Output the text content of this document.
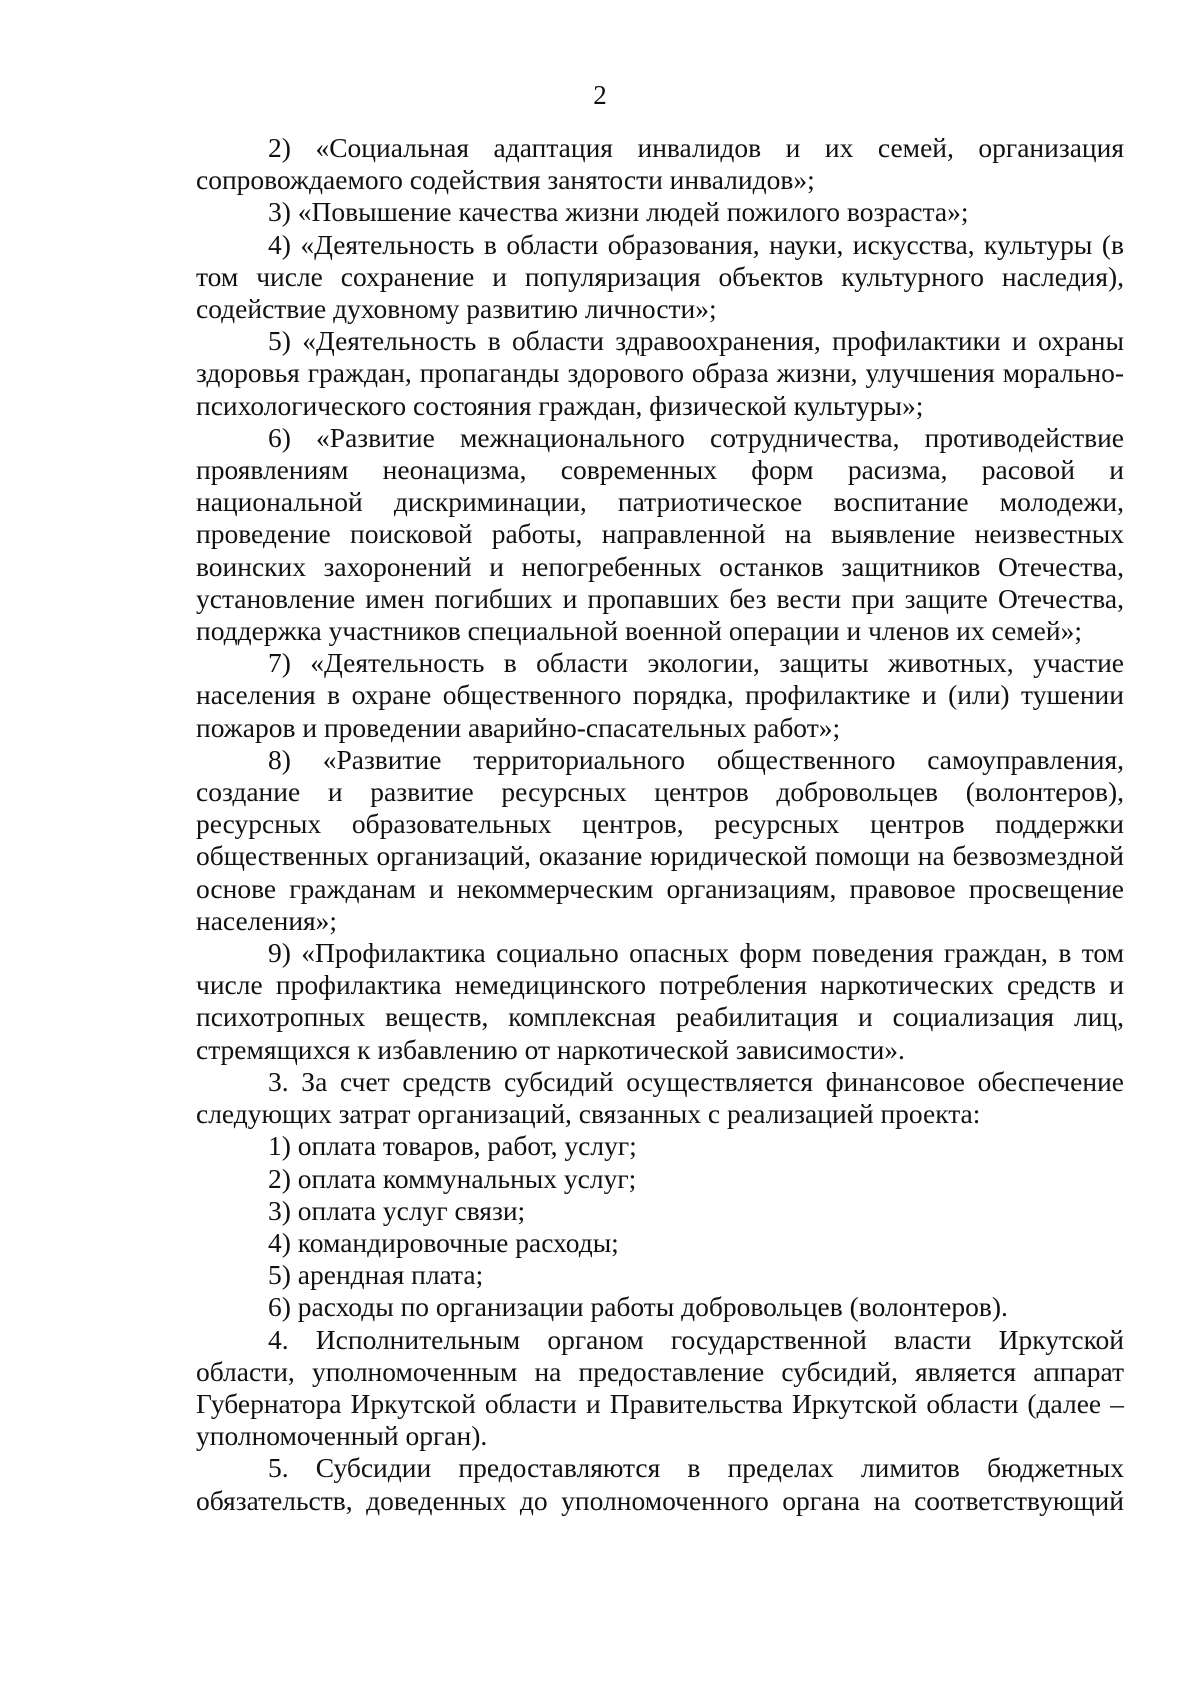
2

2) «Социальная адаптация инвалидов и их семей, организация сопровождаемого содействия занятости инвалидов»;

3) «Повышение качества жизни людей пожилого возраста»;

4) «Деятельность в области образования, науки, искусства, культуры (в том числе сохранение и популяризация объектов культурного наследия), содействие духовному развитию личности»;

5) «Деятельность в области здравоохранения, профилактики и охраны здоровья граждан, пропаганды здорового образа жизни, улучшения морально-психологического состояния граждан, физической культуры»;

6) «Развитие межнационального сотрудничества, противодействие проявлениям неонацизма, современных форм расизма, расовой и национальной дискриминации, патриотическое воспитание молодежи, проведение поисковой работы, направленной на выявление неизвестных воинских захоронений и непогребенных останков защитников Отечества, установление имен погибших и пропавших без вести при защите Отечества, поддержка участников специальной военной операции и членов их семей»;

7) «Деятельность в области экологии, защиты животных, участие населения в охране общественного порядка, профилактике и (или) тушении пожаров и проведении аварийно-спасательных работ»;

8) «Развитие территориального общественного самоуправления, создание и развитие ресурсных центров добровольцев (волонтеров), ресурсных образовательных центров, ресурсных центров поддержки общественных организаций, оказание юридической помощи на безвозмездной основе гражданам и некоммерческим организациям, правовое просвещение населения»;

9) «Профилактика социально опасных форм поведения граждан, в том числе профилактика немедицинского потребления наркотических средств и психотропных веществ, комплексная реабилитация и социализация лиц, стремящихся к избавлению от наркотической зависимости».

3. За счет средств субсидий осуществляется финансовое обеспечение следующих затрат организаций, связанных с реализацией проекта:

1) оплата товаров, работ, услуг;

2) оплата коммунальных услуг;

3) оплата услуг связи;

4) командировочные расходы;

5) арендная плата;

6) расходы по организации работы добровольцев (волонтеров).

4. Исполнительным органом государственной власти Иркутской области, уполномоченным на предоставление субсидий, является аппарат Губернатора Иркутской области и Правительства Иркутской области (далее – уполномоченный орган).

5. Субсидии предоставляются в пределах лимитов бюджетных обязательств, доведенных до уполномоченного органа на соответствующий
